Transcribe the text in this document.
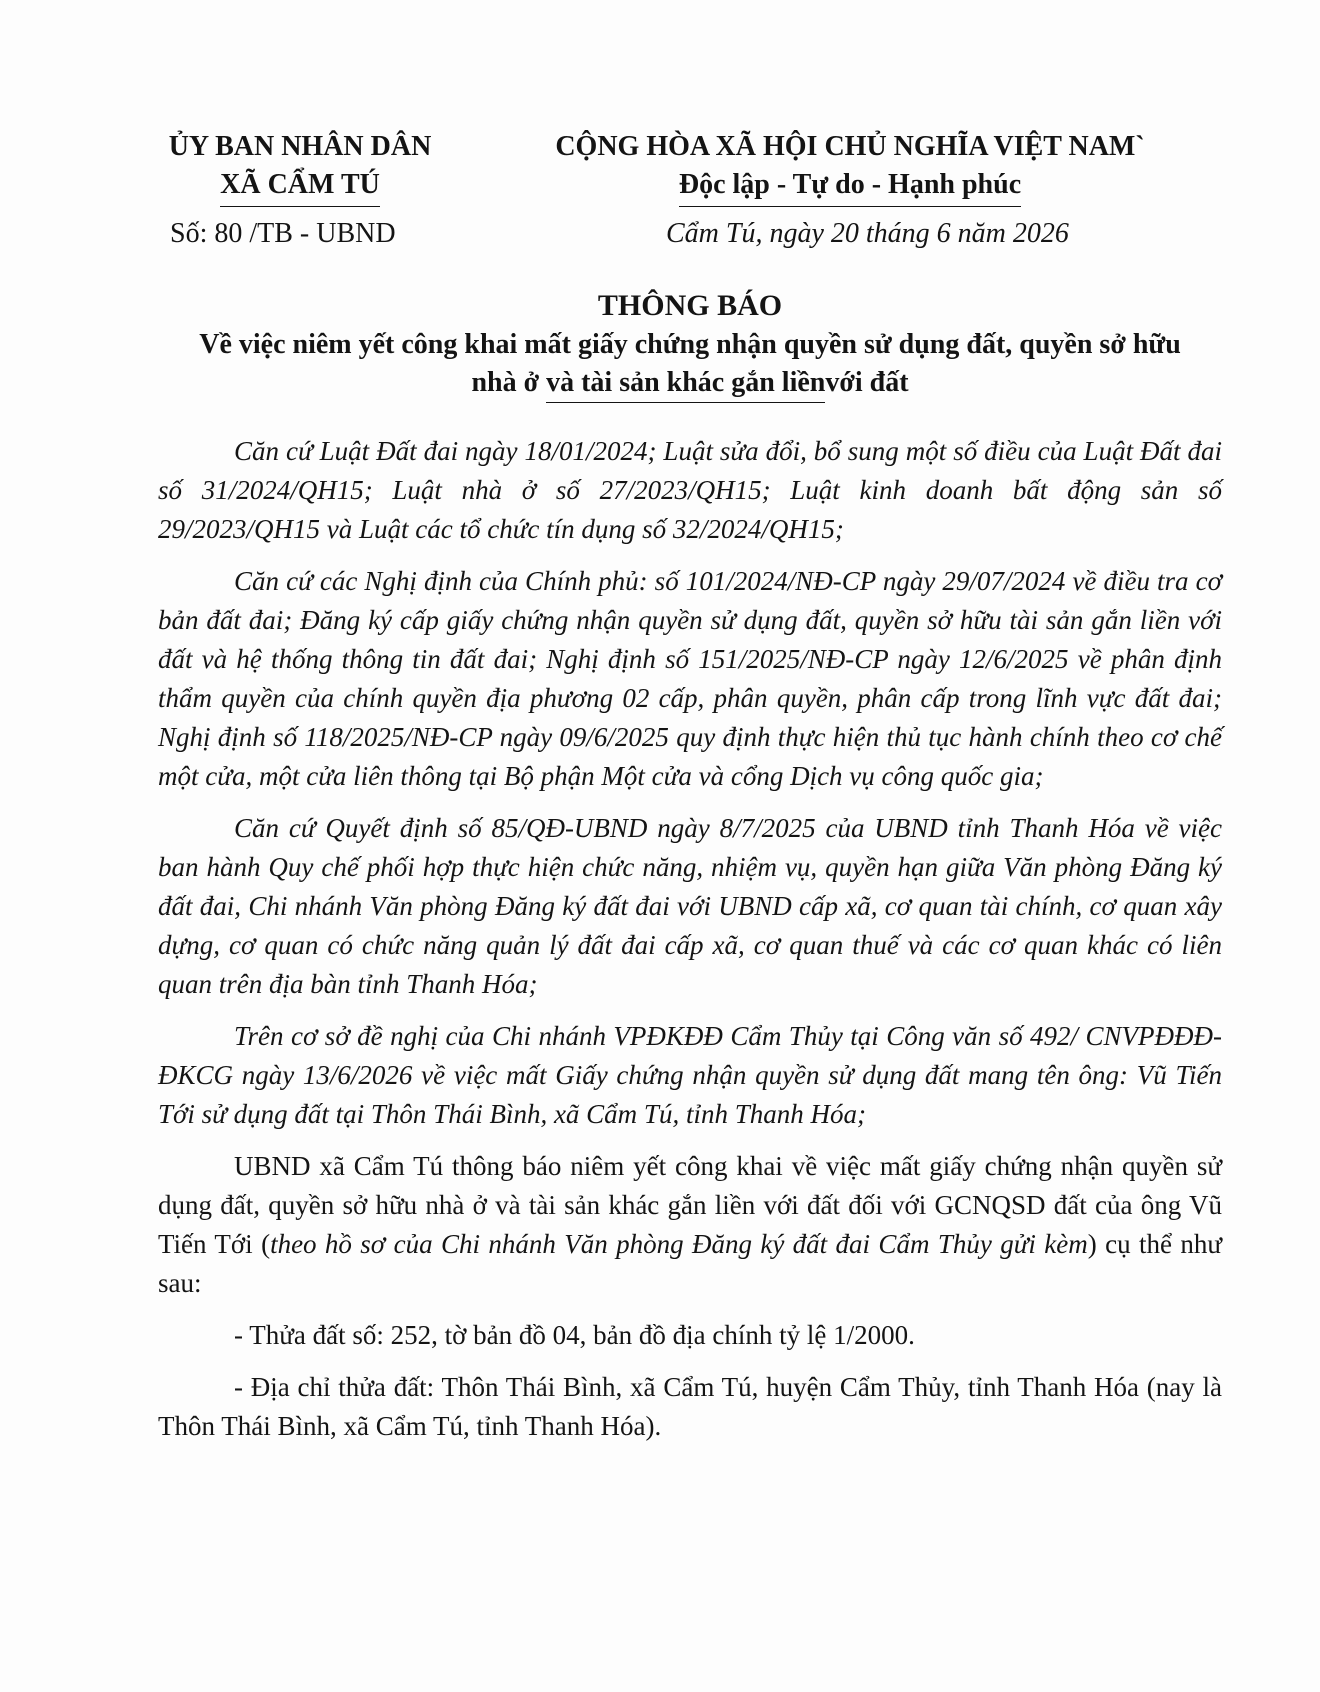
ỦY BAN NHÂN DÂN
XÃ CẨM TÚ
CỘNG HÒA XÃ HỘI CHỦ NGHĨA VIỆT NAM`
Độc lập - Tự do - Hạnh phúc
Số: 80 /TB - UBND	Cẩm Tú, ngày 20 tháng 6 năm 2026
THÔNG BÁO
Về việc niêm yết công khai mất giấy chứng nhận quyền sử dụng đất, quyền sở hữu
nhà ở và tài sản khác gắn liềnvới đất

Căn cứ Luật Đất đai ngày 18/01/2024; Luật sửa đổi, bổ sung một số điều của Luật Đất đai số 31/2024/QH15; Luật nhà ở số 27/2023/QH15; Luật kinh doanh bất động sản số 29/2023/QH15 và Luật các tổ chức tín dụng số 32/2024/QH15;

Căn cứ các Nghị định của Chính phủ: số 101/2024/NĐ-CP ngày 29/07/2024 về điều tra cơ bản đất đai; Đăng ký cấp giấy chứng nhận quyền sử dụng đất, quyền sở hữu tài sản gắn liền với đất và hệ thống thông tin đất đai; Nghị định số 151/2025/NĐ-CP ngày 12/6/2025 về phân định thẩm quyền của chính quyền địa phương 02 cấp, phân quyền, phân cấp trong lĩnh vực đất đai; Nghị định số 118/2025/NĐ-CP ngày 09/6/2025 quy định thực hiện thủ tục hành chính theo cơ chế một cửa, một cửa liên thông tại Bộ phận Một cửa và cổng Dịch vụ công quốc gia;

Căn cứ Quyết định số 85/QĐ-UBND ngày 8/7/2025 của UBND tỉnh Thanh Hóa về việc ban hành Quy chế phối hợp thực hiện chức năng, nhiệm vụ, quyền hạn giữa Văn phòng Đăng ký đất đai, Chi nhánh Văn phòng Đăng ký đất đai với UBND cấp xã, cơ quan tài chính, cơ quan xây dựng, cơ quan có chức năng quản lý đất đai cấp xã, cơ quan thuế và các cơ quan khác có liên quan trên địa bàn tỉnh Thanh Hóa;

Trên cơ sở đề nghị của Chi nhánh VPĐKĐĐ Cẩm Thủy tại Công văn số 492/ CNVPĐĐĐ-ĐKCG ngày 13/6/2026 về việc mất Giấy chứng nhận quyền sử dụng đất mang tên ông: Vũ Tiến Tới sử dụng đất tại Thôn Thái Bình, xã Cẩm Tú, tỉnh Thanh Hóa;

UBND xã Cẩm Tú thông báo niêm yết công khai về việc mất giấy chứng nhận quyền sử dụng đất, quyền sở hữu nhà ở và tài sản khác gắn liền với đất đối với GCNQSD đất của ông Vũ Tiến Tới (theo hồ sơ của Chi nhánh Văn phòng Đăng ký đất đai Cẩm Thủy gửi kèm) cụ thể như sau:

- Thửa đất số: 252, tờ bản đồ 04, bản đồ địa chính tỷ lệ 1/2000.

- Địa chỉ thửa đất: Thôn Thái Bình, xã Cẩm Tú, huyện Cẩm Thủy, tỉnh Thanh Hóa (nay là Thôn Thái Bình, xã Cẩm Tú, tỉnh Thanh Hóa).
